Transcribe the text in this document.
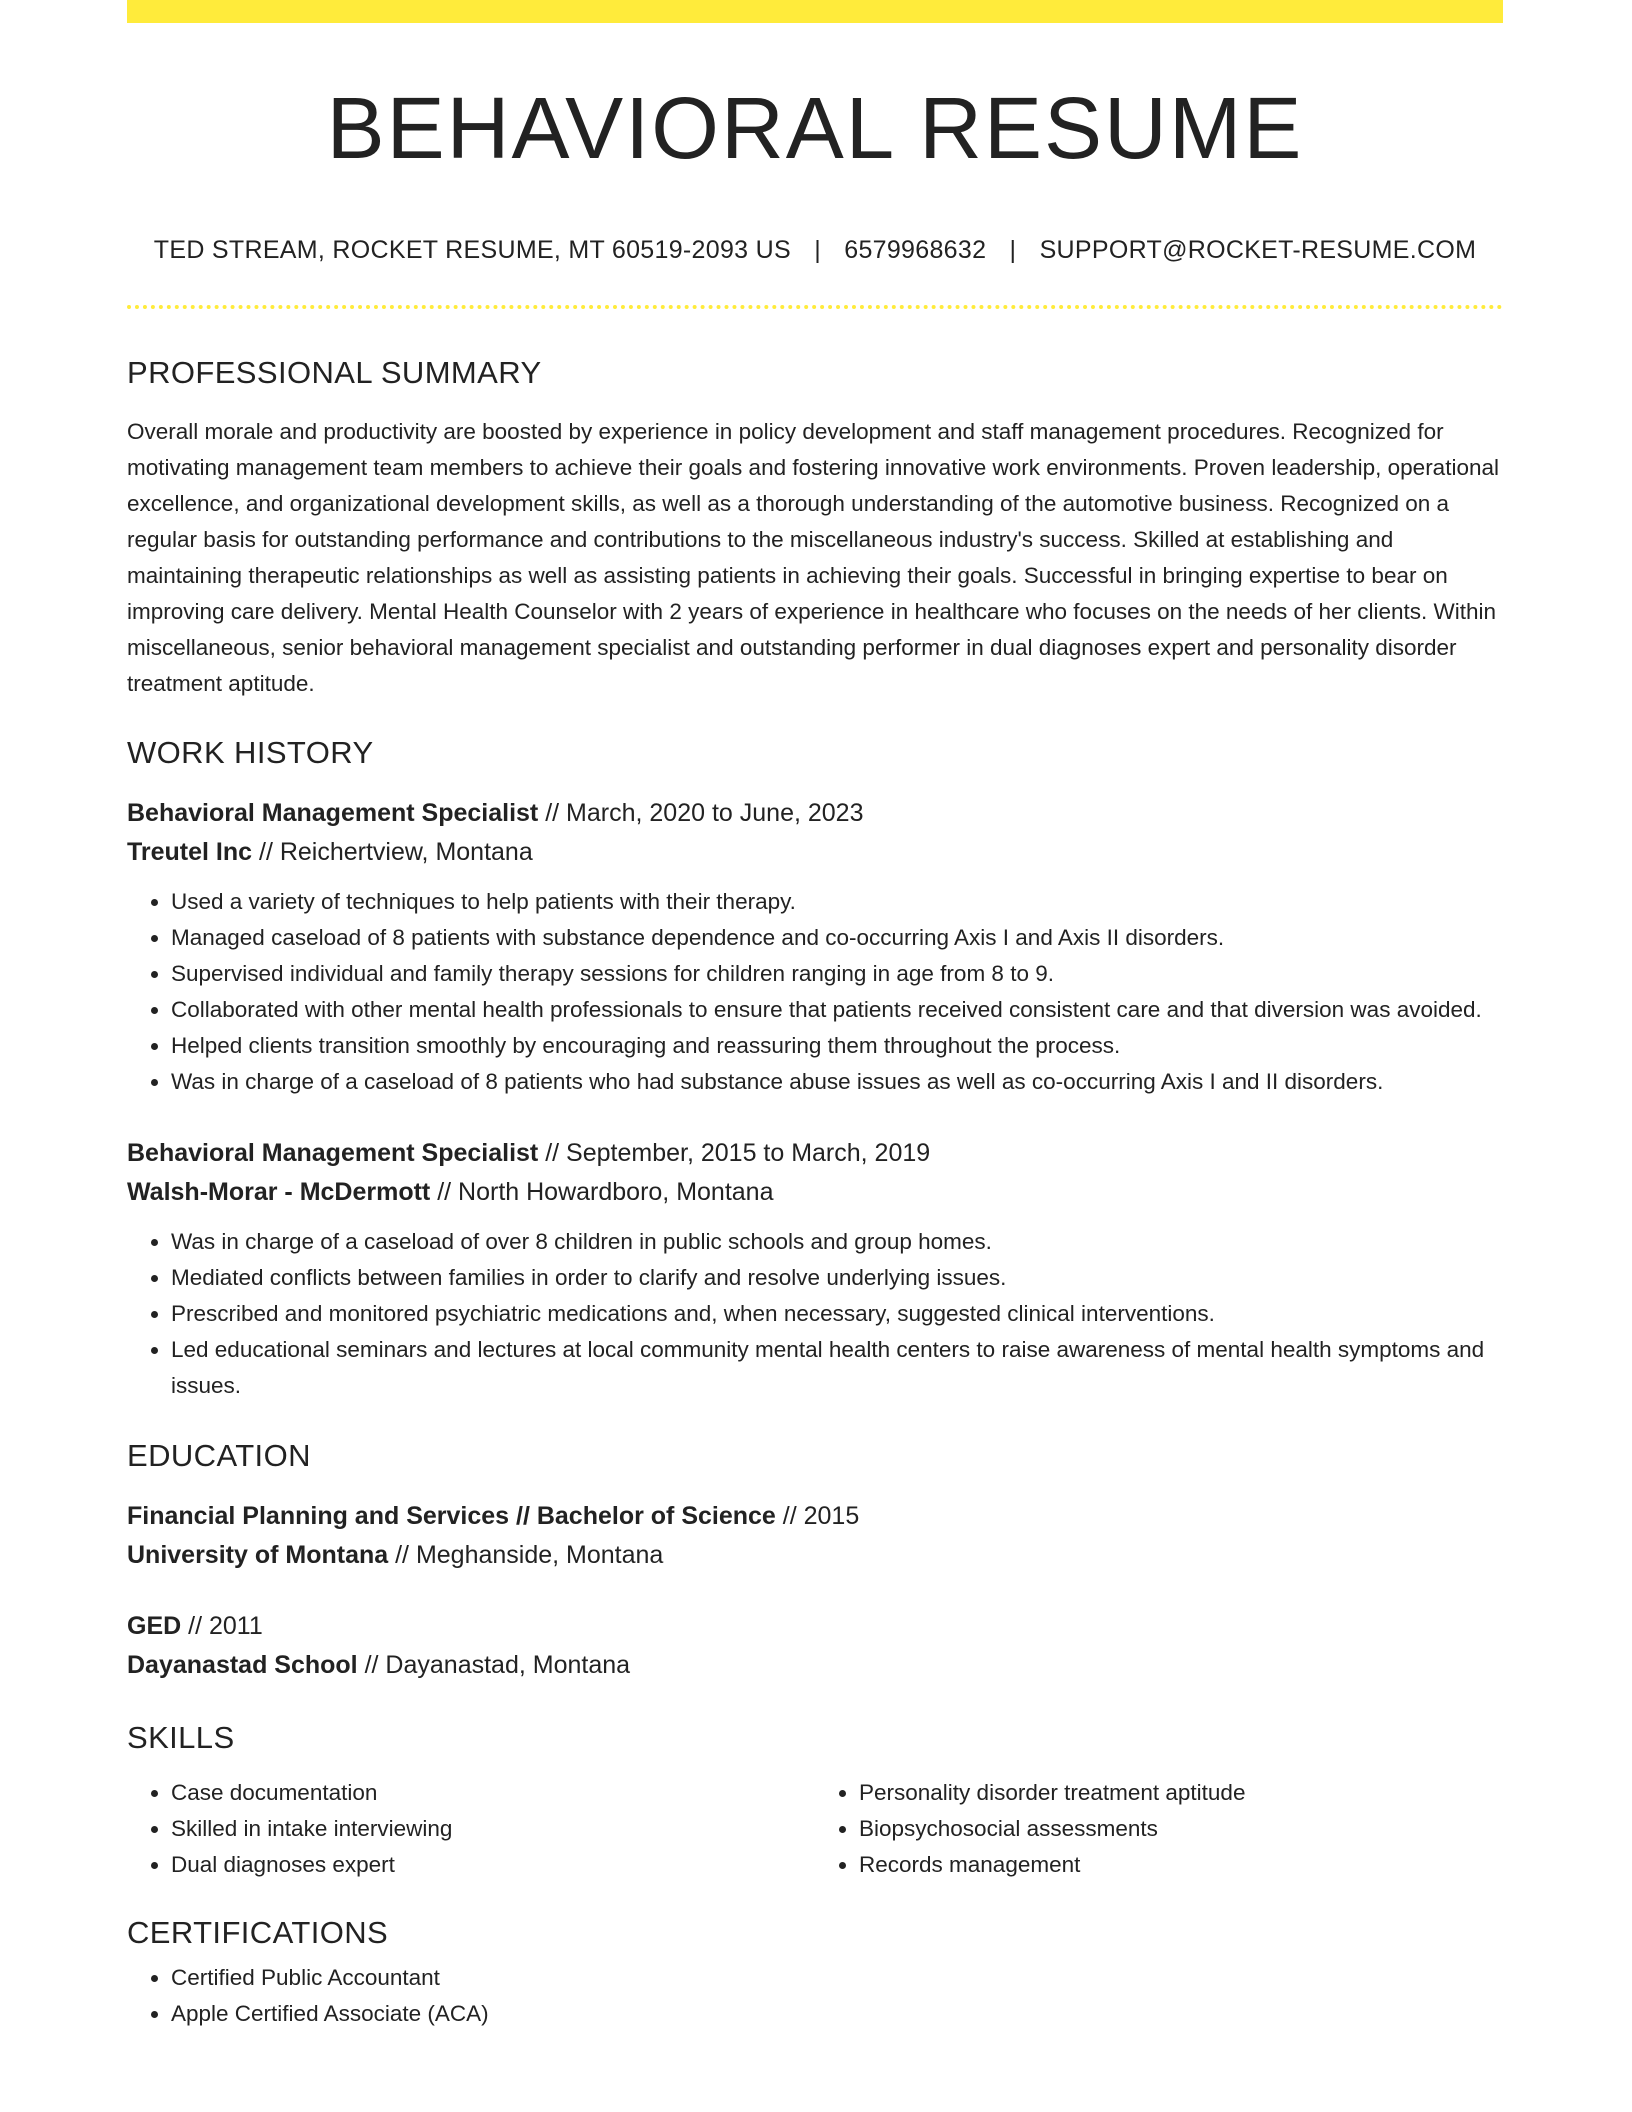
BEHAVIORAL RESUME
TED STREAM, ROCKET RESUME, MT 60519-2093 US | 6579968632 | SUPPORT@ROCKET-RESUME.COM
PROFESSIONAL SUMMARY
Overall morale and productivity are boosted by experience in policy development and staff management procedures. Recognized for motivating management team members to achieve their goals and fostering innovative work environments. Proven leadership, operational excellence, and organizational development skills, as well as a thorough understanding of the automotive business. Recognized on a regular basis for outstanding performance and contributions to the miscellaneous industry's success. Skilled at establishing and maintaining therapeutic relationships as well as assisting patients in achieving their goals. Successful in bringing expertise to bear on improving care delivery. Mental Health Counselor with 2 years of experience in healthcare who focuses on the needs of her clients. Within miscellaneous, senior behavioral management specialist and outstanding performer in dual diagnoses expert and personality disorder treatment aptitude.
WORK HISTORY
Behavioral Management Specialist // March, 2020 to June, 2023
Treutel Inc // Reichertview, Montana
• Used a variety of techniques to help patients with their therapy.
• Managed caseload of 8 patients with substance dependence and co-occurring Axis I and Axis II disorders.
• Supervised individual and family therapy sessions for children ranging in age from 8 to 9.
• Collaborated with other mental health professionals to ensure that patients received consistent care and that diversion was avoided.
• Helped clients transition smoothly by encouraging and reassuring them throughout the process.
• Was in charge of a caseload of 8 patients who had substance abuse issues as well as co-occurring Axis I and II disorders.
Behavioral Management Specialist // September, 2015 to March, 2019
Walsh-Morar - McDermott // North Howardboro, Montana
• Was in charge of a caseload of over 8 children in public schools and group homes.
• Mediated conflicts between families in order to clarify and resolve underlying issues.
• Prescribed and monitored psychiatric medications and, when necessary, suggested clinical interventions.
• Led educational seminars and lectures at local community mental health centers to raise awareness of mental health symptoms and issues.
EDUCATION
Financial Planning and Services // Bachelor of Science // 2015
University of Montana // Meghanside, Montana
GED // 2011
Dayanastad School // Dayanastad, Montana
SKILLS
• Case documentation
• Skilled in intake interviewing
• Dual diagnoses expert
• Personality disorder treatment aptitude
• Biopsychosocial assessments
• Records management
CERTIFICATIONS
• Certified Public Accountant
• Apple Certified Associate (ACA)
